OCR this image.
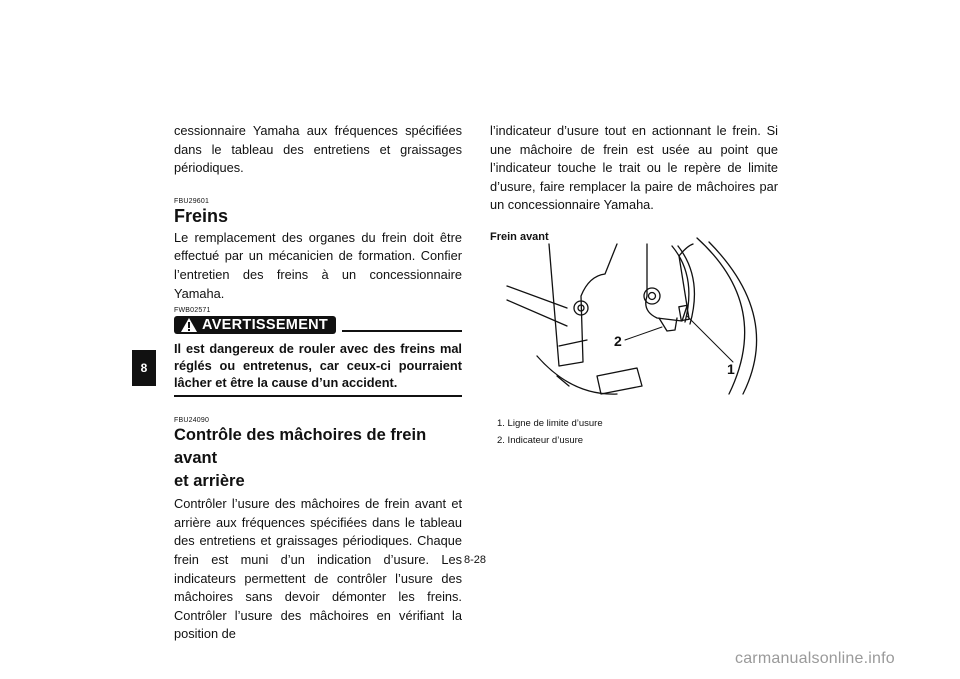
8

cessionnaire Yamaha aux fréquences spécifiées dans le tableau des entretiens et graissages périodiques.

FBU29601

Freins

Le remplacement des organes du frein doit être effectué par un mécanicien de formation. Confier l’entretien des freins à un concessionnaire Yamaha.

FWB02571

AVERTISSEMENT

Il est dangereux de rouler avec des freins mal réglés ou entretenus, car ceux-ci pourraient lâcher et être la cause d’un accident.

FBU24090

Contrôle des mâchoires de frein avant
et arrière

Contrôler l’usure des mâchoires de frein avant et arrière aux fréquences spécifiées dans le tableau des entretiens et graissages périodiques. Chaque frein est muni d’un indication d’usure. Les indicateurs permettent de contrôler l’usure des mâchoires sans devoir démonter les freins. Contrôler l’usure des mâchoires en vérifiant la position de

l’indicateur d’usure tout en actionnant le frein. Si une mâchoire de frein est usée au point que l’indicateur touche le trait ou le repère de limite d’usure, faire remplacer la paire de mâchoires par un concessionnaire Yamaha.

Frein avant

2
1

1. Ligne de limite d’usure

2. Indicateur d’usure

8-28
carmanualsonline.info
